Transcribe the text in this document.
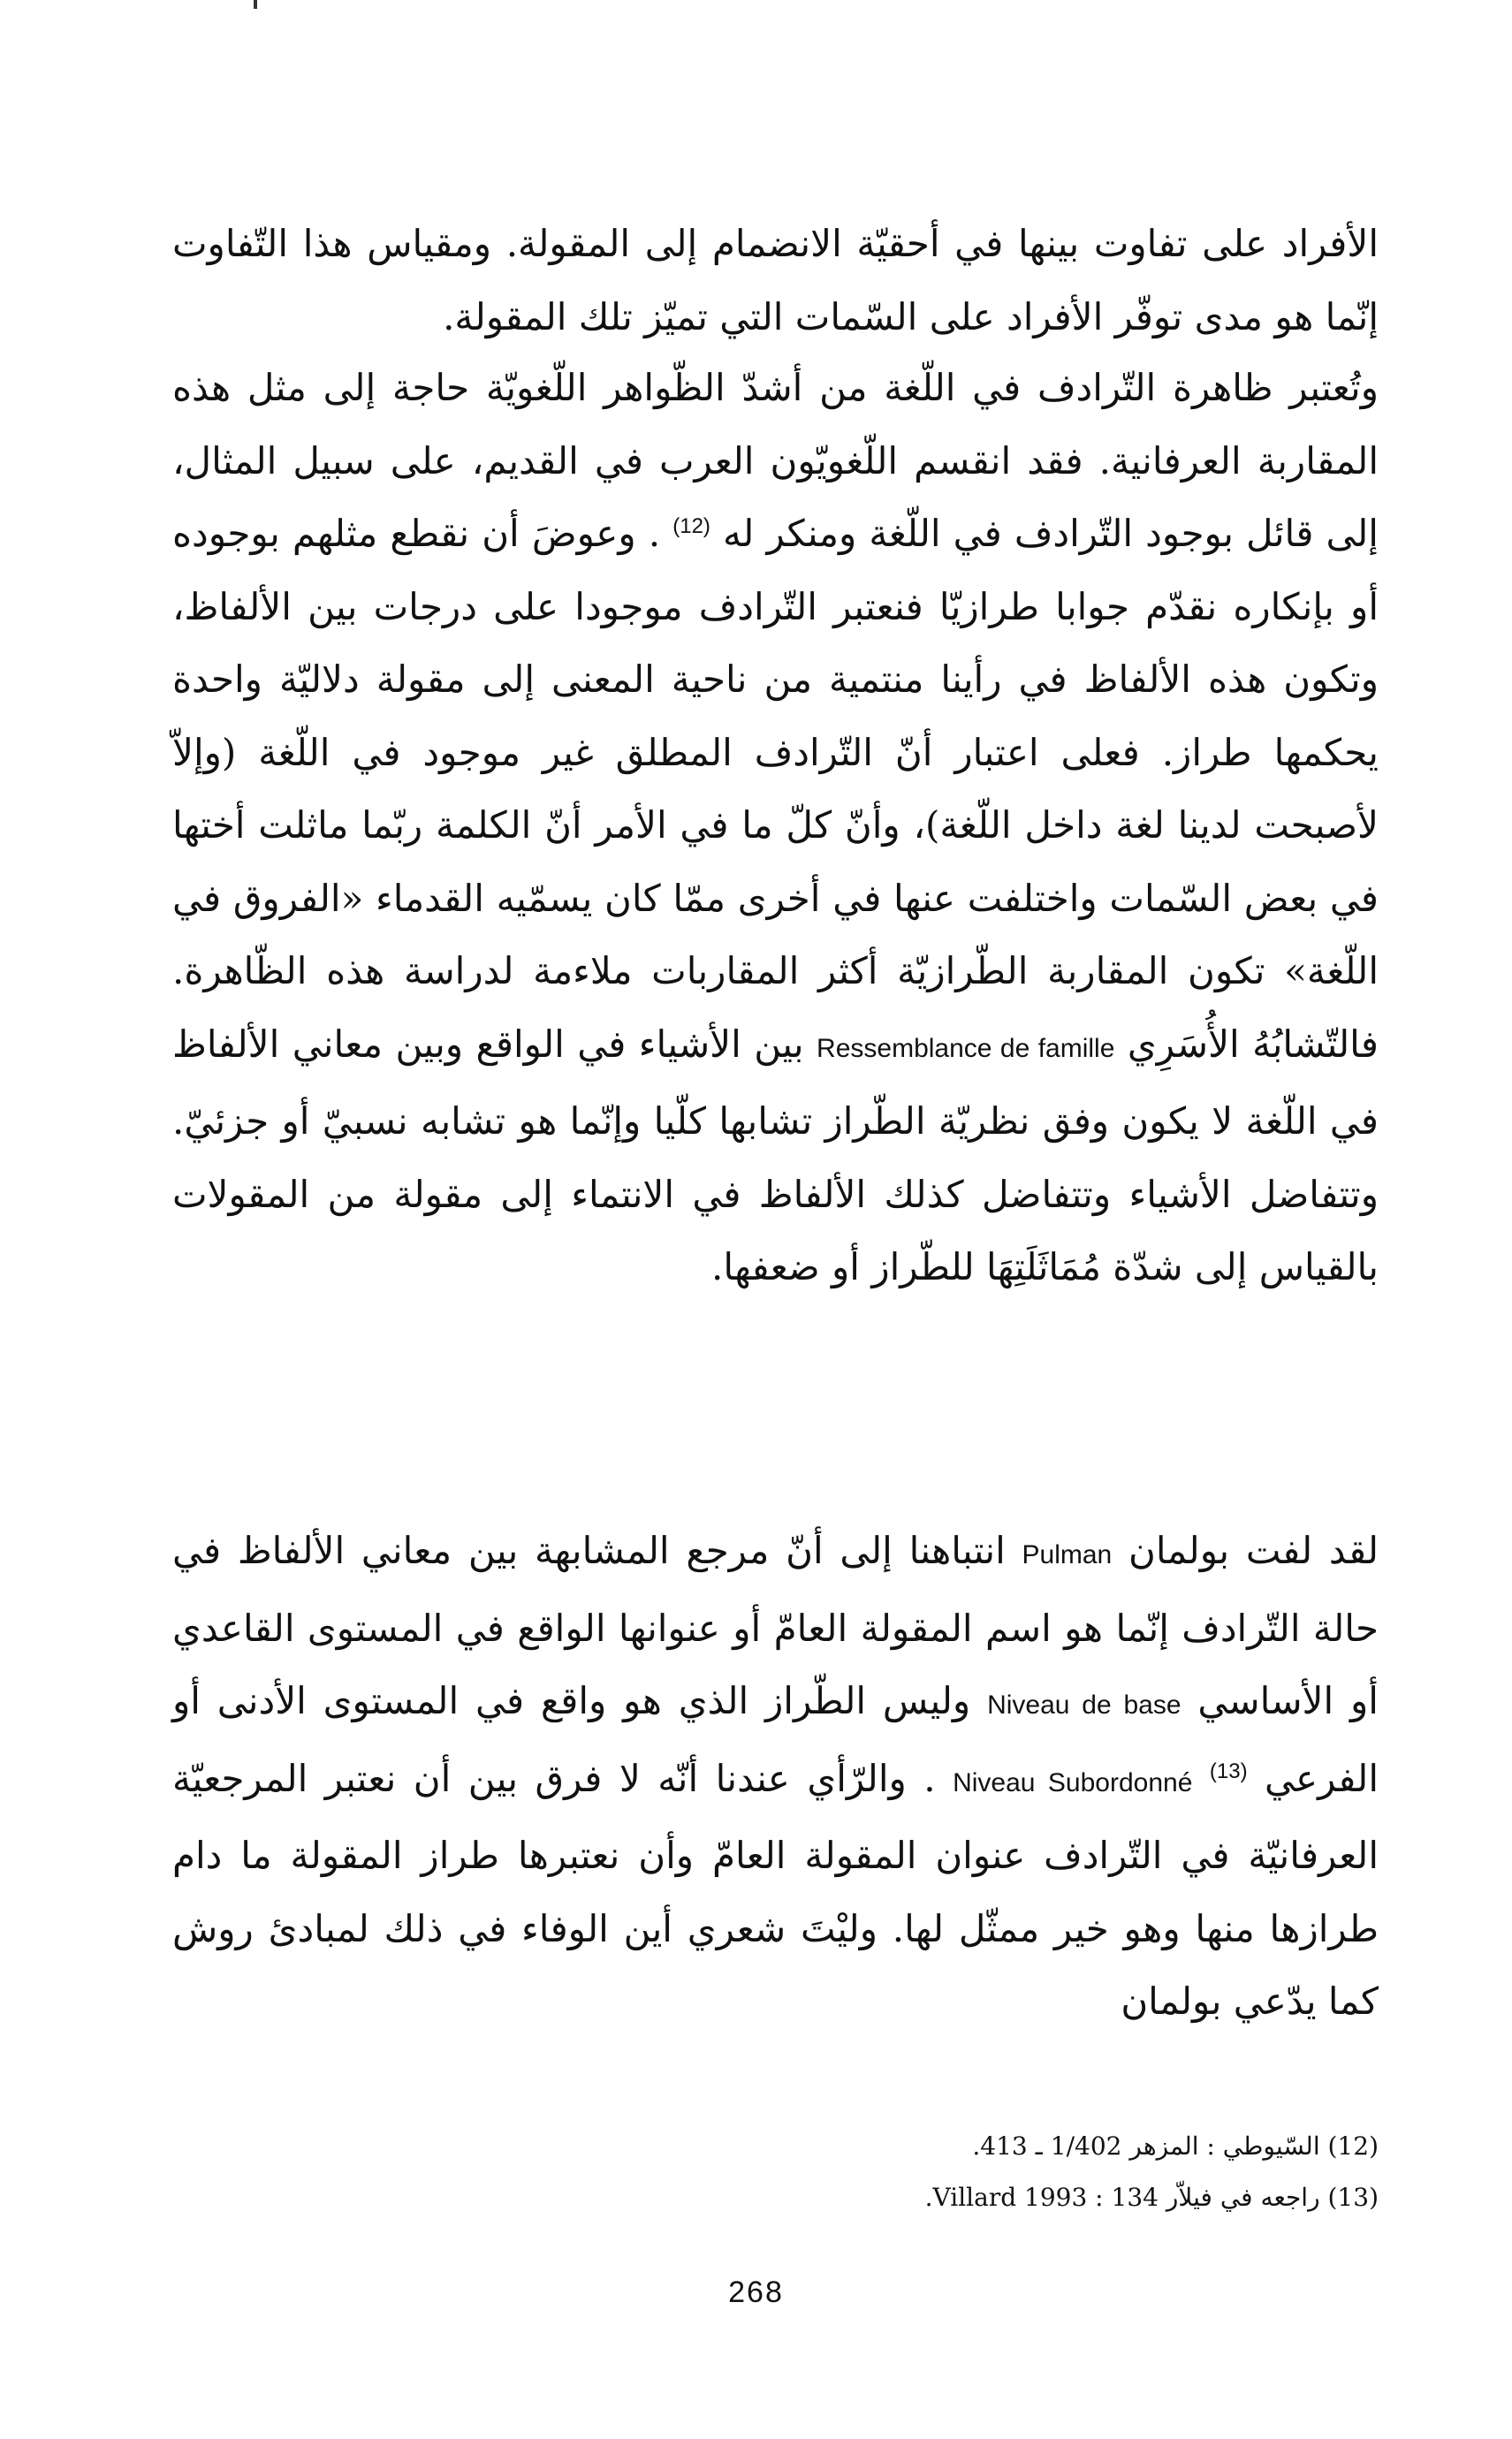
الأفراد على تفاوت بينها في أحقيّة الانضمام إلى المقولة. ومقياس هذا التّفاوت إنّما هو مدى توفّر الأفراد على السّمات التي تميّز تلك المقولة.

وتُعتبر ظاهرة التّرادف في اللّغة من أشدّ الظّواهر اللّغويّة حاجة إلى مثل هذه المقاربة العرفانية. فقد انقسم اللّغويّون العرب في القديم، على سبيل المثال، إلى قائل بوجود التّرادف في اللّغة ومنكر له $^{(12)}$ . وعوضَ أن نقطع مثلهم بوجوده أو بإنكاره نقدّم جوابا طرازيّا فنعتبر التّرادف موجودا على درجات بين الألفاظ، وتكون هذه الألفاظ في رأينا منتمية من ناحية المعنى إلى مقولة دلاليّة واحدة يحكمها طراز. فعلى اعتبار أنّ التّرادف المطلق غير موجود في اللّغة (وإلاّ لأصبحت لدينا لغة داخل اللّغة)، وأنّ كلّ ما في الأمر أنّ الكلمة ربّما ماثلت أختها في بعض السّمات واختلفت عنها في أخرى ممّا كان يسمّيه القدماء «الفروق في اللّغة» تكون المقاربة الطّرازيّة أكثر المقاربات ملاءمة لدراسة هذه الظّاهرة. فالتّشابُهُ الأُسَرِي Ressemblance de famille بين الأشياء في الواقع وبين معاني الألفاظ في اللّغة لا يكون وفق نظريّة الطّراز تشابها كلّيا وإنّما هو تشابه نسبيّ أو جزئيّ. وتتفاضل الأشياء وتتفاضل كذلك الألفاظ في الانتماء إلى مقولة من المقولات بالقياس إلى شدّة مُمَاثَلَتِهَا للطّراز أو ضعفها.

لقد لفت بولمان Pulman انتباهنا إلى أنّ مرجع المشابهة بين معاني الألفاظ في حالة التّرادف إنّما هو اسم المقولة العامّ أو عنوانها الواقع في المستوى القاعدي أو الأساسي Niveau de base وليس الطّراز الذي هو واقع في المستوى الأدنى أو الفرعي $^{(13)}$ Niveau Subordonné . والرّأي عندنا أنّه لا فرق بين أن نعتبر المرجعيّة العرفانيّة في التّرادف عنوان المقولة العامّ وأن نعتبرها طراز المقولة ما دام طرازها منها وهو خير ممثّل لها. وليْتَ شعري أين الوفاء في ذلك لمبادئ روش كما يدّعي بولمان

(12) السّيوطي : المزهر 1/402 ـ 413.
(13) راجعه في فيلاّر Villard 1993 : 134.
268
